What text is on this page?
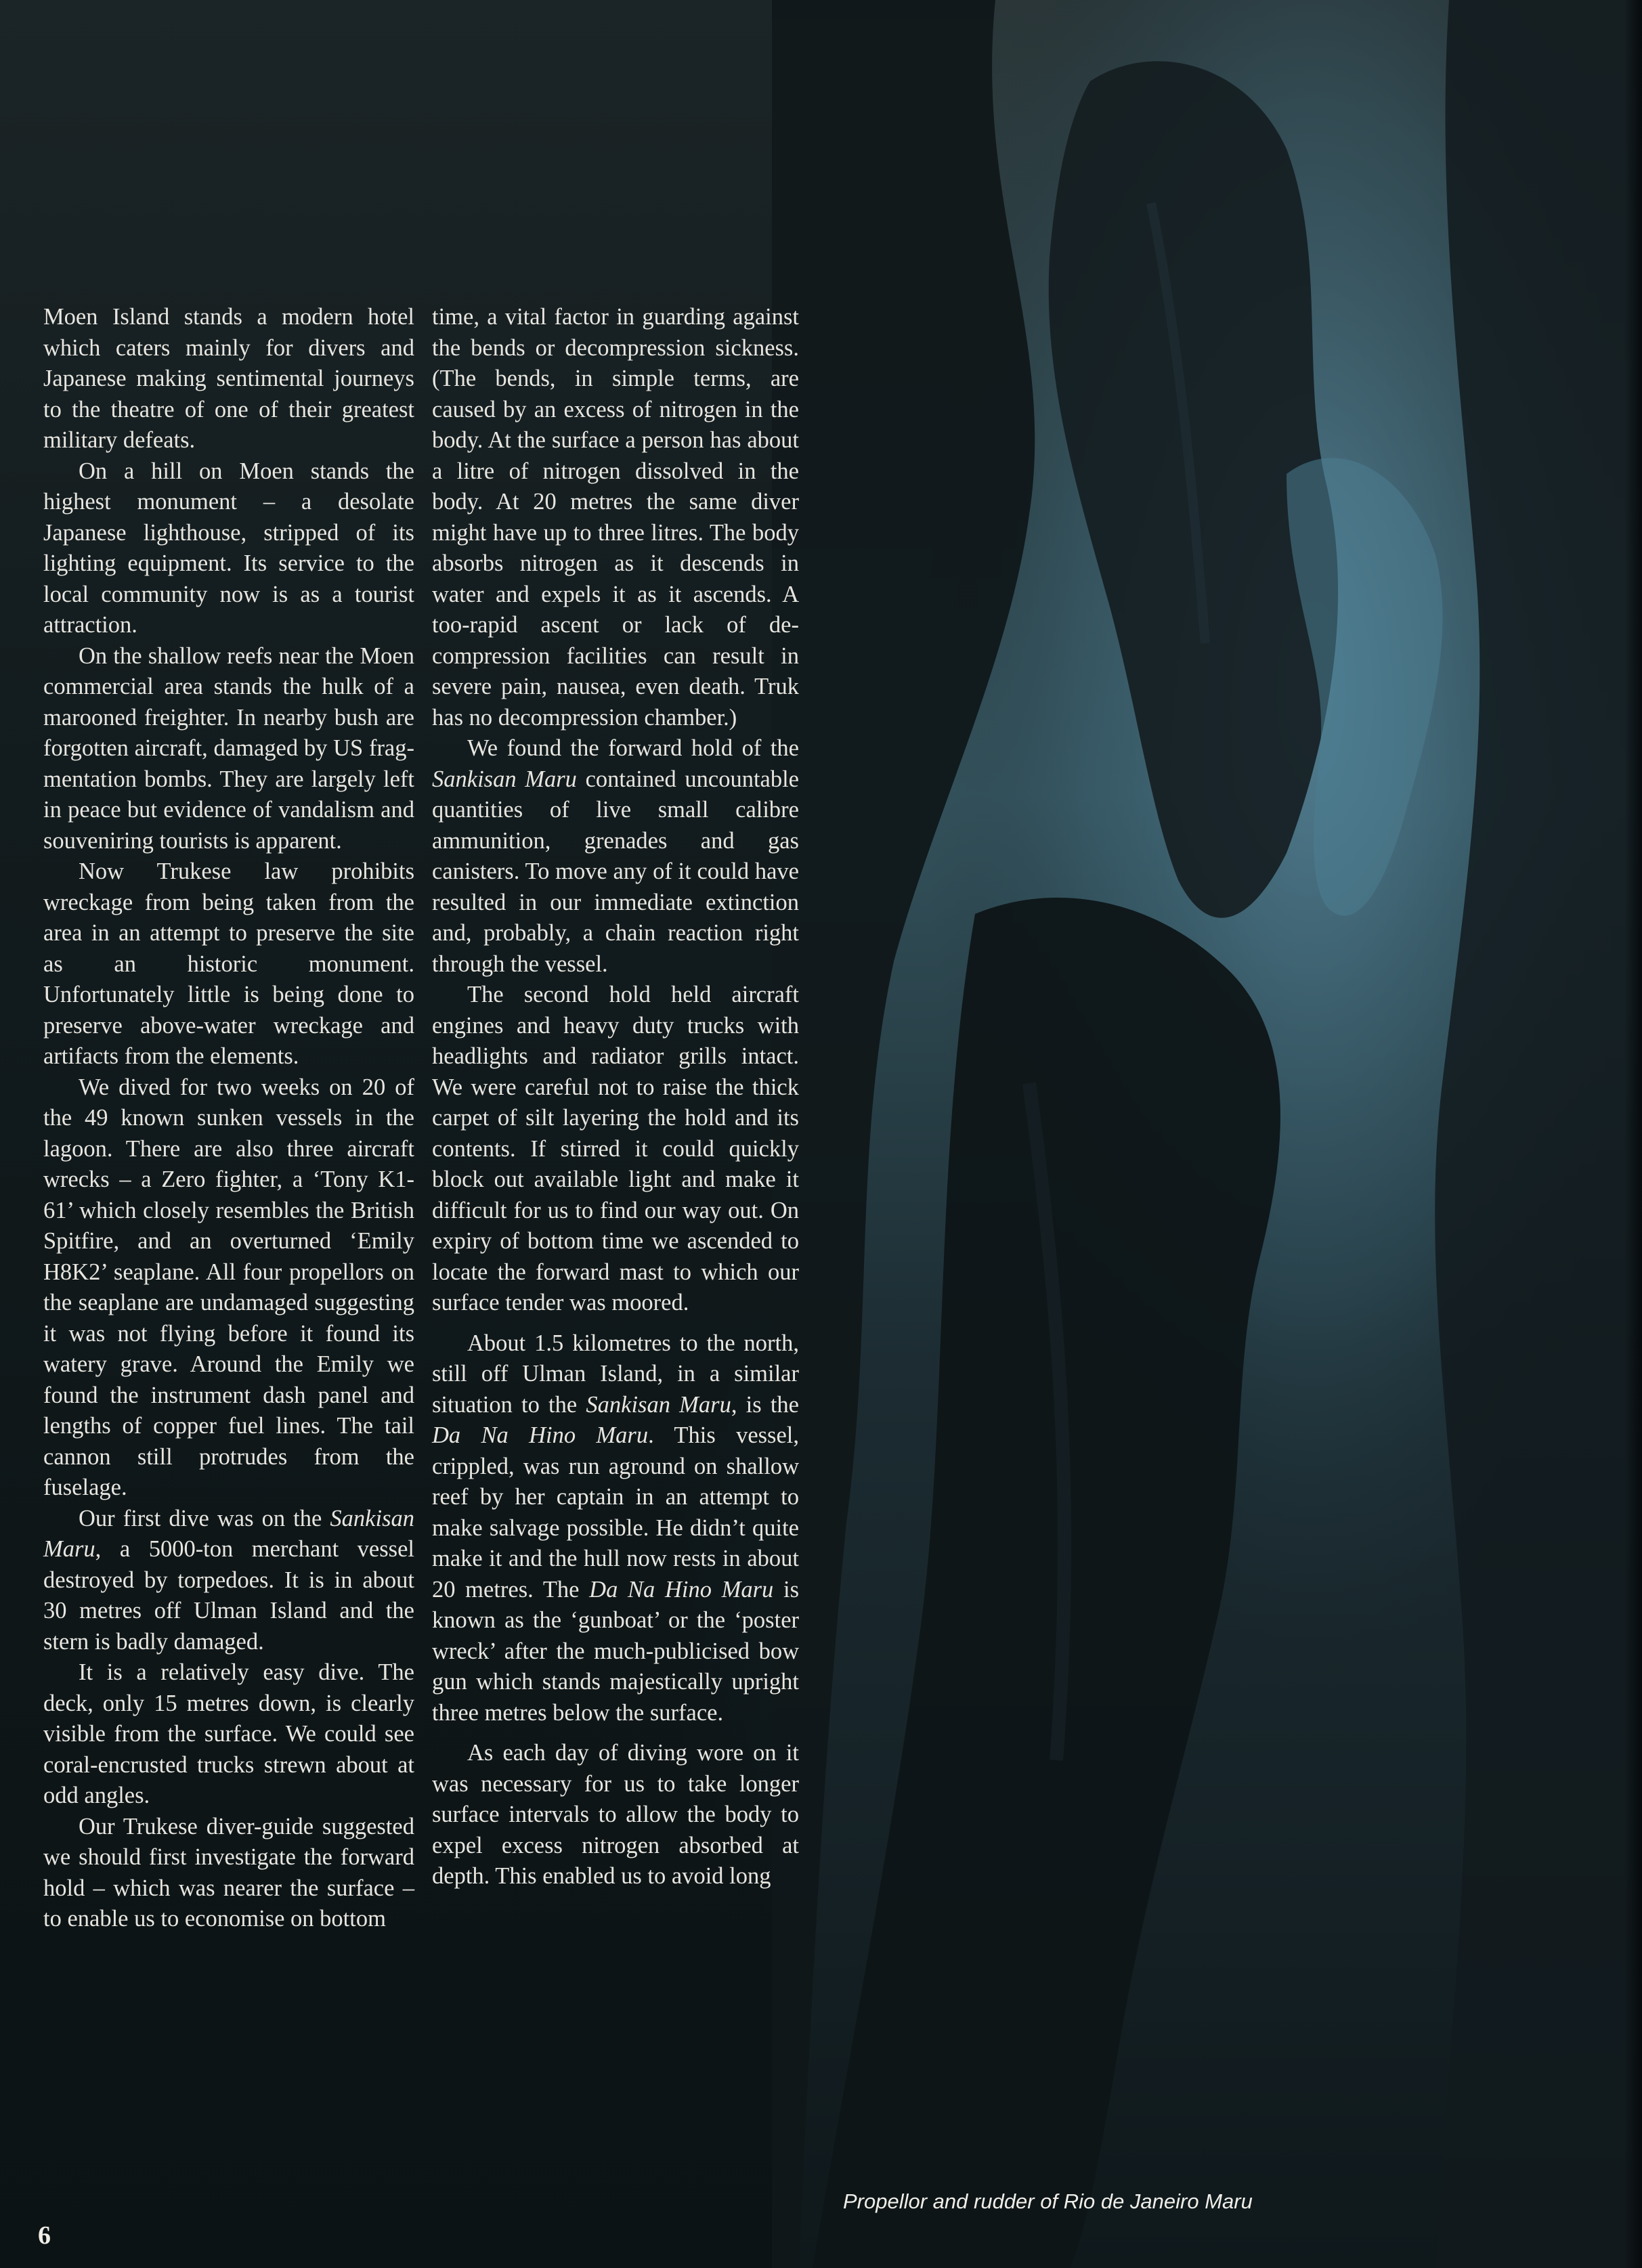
Moen Island stands a modern hotel which caters mainly for divers and Japanese making sentimental journeys to the theatre of one of their greatest military defeats.

On a hill on Moen stands the highest monument – a desolate Japanese lighthouse, stripped of its lighting equipment. Its service to the local community now is as a tourist attraction.

On the shallow reefs near the Moen commercial area stands the hulk of a marooned freighter. In nearby bush are forgotten aircraft, damaged by US fragmentation bombs. They are largely left in peace but evidence of vandalism and souveniring tourists is apparent.

Now Trukese law prohibits wreckage from being taken from the area in an attempt to preserve the site as an historic monument. Unfortunately little is being done to preserve above-water wreckage and artifacts from the elements.

We dived for two weeks on 20 of the 49 known sunken vessels in the lagoon. There are also three aircraft wrecks – a Zero fighter, a ‘Tony K1-61’ which closely resembles the British Spitfire, and an overturned ‘Emily H8K2’ seaplane. All four propellors on the seaplane are undamaged suggesting it was not flying before it found its watery grave. Around the Emily we found the instrument dash panel and lengths of copper fuel lines. The tail cannon still protrudes from the fuselage.

Our first dive was on the Sankisan Maru, a 5000-ton merchant vessel destroyed by torpedoes. It is in about 30 metres off Ulman Island and the stern is badly damaged.

It is a relatively easy dive. The deck, only 15 metres down, is clearly visible from the surface. We could see coral-encrusted trucks strewn about at odd angles.

Our Trukese diver-guide suggested we should first investigate the forward hold – which was nearer the surface – to enable us to economise on bottom

time, a vital factor in guarding against the bends or decompression sickness. (The bends, in simple terms, are caused by an excess of nitrogen in the body. At the surface a person has about a litre of nitrogen dissolved in the body. At 20 metres the same diver might have up to three litres. The body absorbs nitrogen as it descends in water and expels it as it ascends. A too-rapid ascent or lack of decompression facilities can result in severe pain, nausea, even death. Truk has no decompression chamber.)

We found the forward hold of the Sankisan Maru contained uncountable quantities of live small calibre ammunition, grenades and gas canisters. To move any of it could have resulted in our immediate extinction and, probably, a chain reaction right through the vessel.

The second hold held aircraft engines and heavy duty trucks with headlights and radiator grills intact. We were careful not to raise the thick carpet of silt layering the hold and its contents. If stirred it could quickly block out available light and make it difficult for us to find our way out. On expiry of bottom time we ascended to locate the forward mast to which our surface tender was moored.

About 1.5 kilometres to the north, still off Ulman Island, in a similar situation to the Sankisan Maru, is the Da Na Hino Maru. This vessel, crippled, was run aground on shallow reef by her captain in an attempt to make salvage possible. He didn’t quite make it and the hull now rests in about 20 metres. The Da Na Hino Maru is known as the ‘gunboat’ or the ‘poster wreck’ after the much-publicised bow gun which stands majestically upright three metres below the surface.

As each day of diving wore on it was necessary for us to take longer surface intervals to allow the body to expel excess nitrogen absorbed at depth. This enabled us to avoid long

Propellor and rudder of Rio de Janeiro Maru
6
